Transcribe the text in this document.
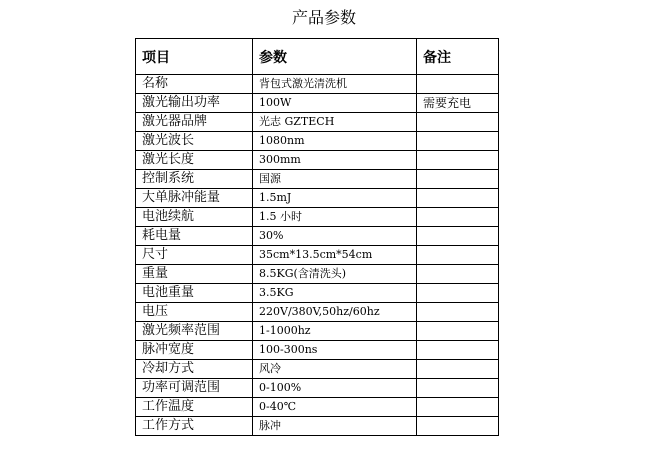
产品参数
项目	参数	备注
名称	背包式激光清洗机	
激光输出功率	100W	需要充电
激光器品牌	光志 GZTECH	
激光波长	1080nm	
激光长度	300mm	
控制系统	国源	
大单脉冲能量	1.5mJ	
电池续航	1.5 小时	
耗电量	30%	
尺寸	35cm*13.5cm*54cm	
重量	8.5KG(含清洗头)	
电池重量	3.5KG	
电压	220V/380V,50hz/60hz	
激光频率范围	1-1000hz	
脉冲宽度	100-300ns	
冷却方式	风冷	
功率可调范围	0-100%	
工作温度	0-40℃	
工作方式	脉冲	
